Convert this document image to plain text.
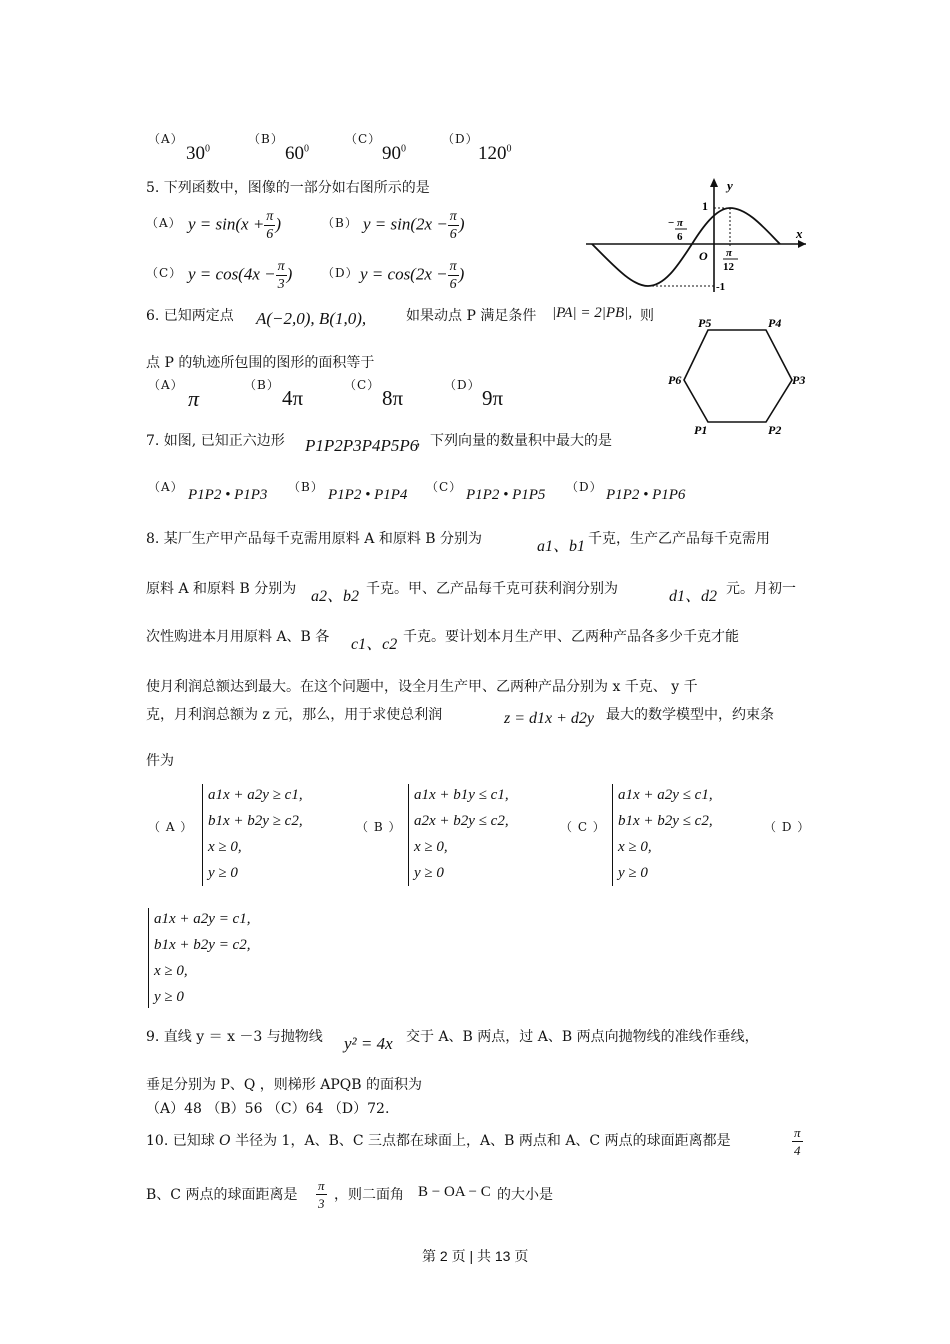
（A）
$30^0$
（B）
$60^0$
（C）
$90^0$
（D）
$120^0$
5. 下列函数中，图像的一部分如右图所示的是
（A） $y = \sin(x + \frac{\pi}{6}$ )	（B） $y = \sin(2x - \frac{\pi}{6}$ )
（C） $y = \cos(4x - \frac{\pi}{3}$ ) （D） $y = \cos(2x - \frac{\pi}{6}$ )
y
x
1
-1
O
− π
6
π
12
6. 已知两定点 A(−2,0), B(1,0),	如果动点 P 满足条件 |PA| = 2|PB|, 则
点 P 的轨迹所包围的图形的面积等于
（A）
π
（B）
4π
（C）
8π
（D）
9π
P5	P4
P3
P2
P1
P6
7. 如图, 已知正六边形 P1P2P3P4P5P6
，下列向量的数量积中最大的是
（A） P1P2 • P1P3 （B） P1P2 • P1P4 （C） P1P2 • P1P5 （D） P1P2 • P1P6
8. 某厂生产甲产品每千克需用原料 A 和原料 B 分别为	a1、b1 千克，生产乙产品每千克需用
原料 A 和原料 B 分别为 a2、b2 千克。甲、乙产品每千克可获利润分别为	d1、d2 元。月初一
次性购进本月用原料 A、B 各 c1、c2 千克。要计划本月生产甲、乙两种产品各多少千克才能
使月利润总额达到最大。在这个问题中，设全月生产甲、乙两种产品分别为 x 千克、 y 千
克，月利润总额为 z 元，那么，用于求使总利润	z = d1x + d2y 最大的数学模型中，约束条
件为
（ A ）
a1x + a2y ≥ c1,
b1x + b2y ≥ c2,
x ≥ 0,
y ≥ 0
（ B ）
a1x + b1y ≤ c1,
a2x + b2y ≤ c2,
x ≥ 0,
y ≥ 0
（ C ）
a1x + a2y ≤ c1,
b1x + b2y ≤ c2,
x ≥ 0,
y ≥ 0
（ D ）
a1x + a2y = c1,
b1x + b2y = c2,
x ≥ 0,
y ≥ 0
9. 直线 y ＝ x －3 与抛物线 y² = 4x 交于 A、B 两点，过 A、B 两点向抛物线的准线作垂线，
垂足分别为 P、Q ，则梯形 APQB 的面积为
（A）48 （B）56 （C）64 （D）72.
10. 已知球 O 半径为 1，A、B、C 三点都在球面上，A、B 两点和 A、C 两点的球面距离都是	$\frac{\pi}{4}$
B、C 两点的球面距离是 $\frac{\pi}{3}$ ，则二面角 B − OA − C 的大小是
第 2 页 | 共 13 页
